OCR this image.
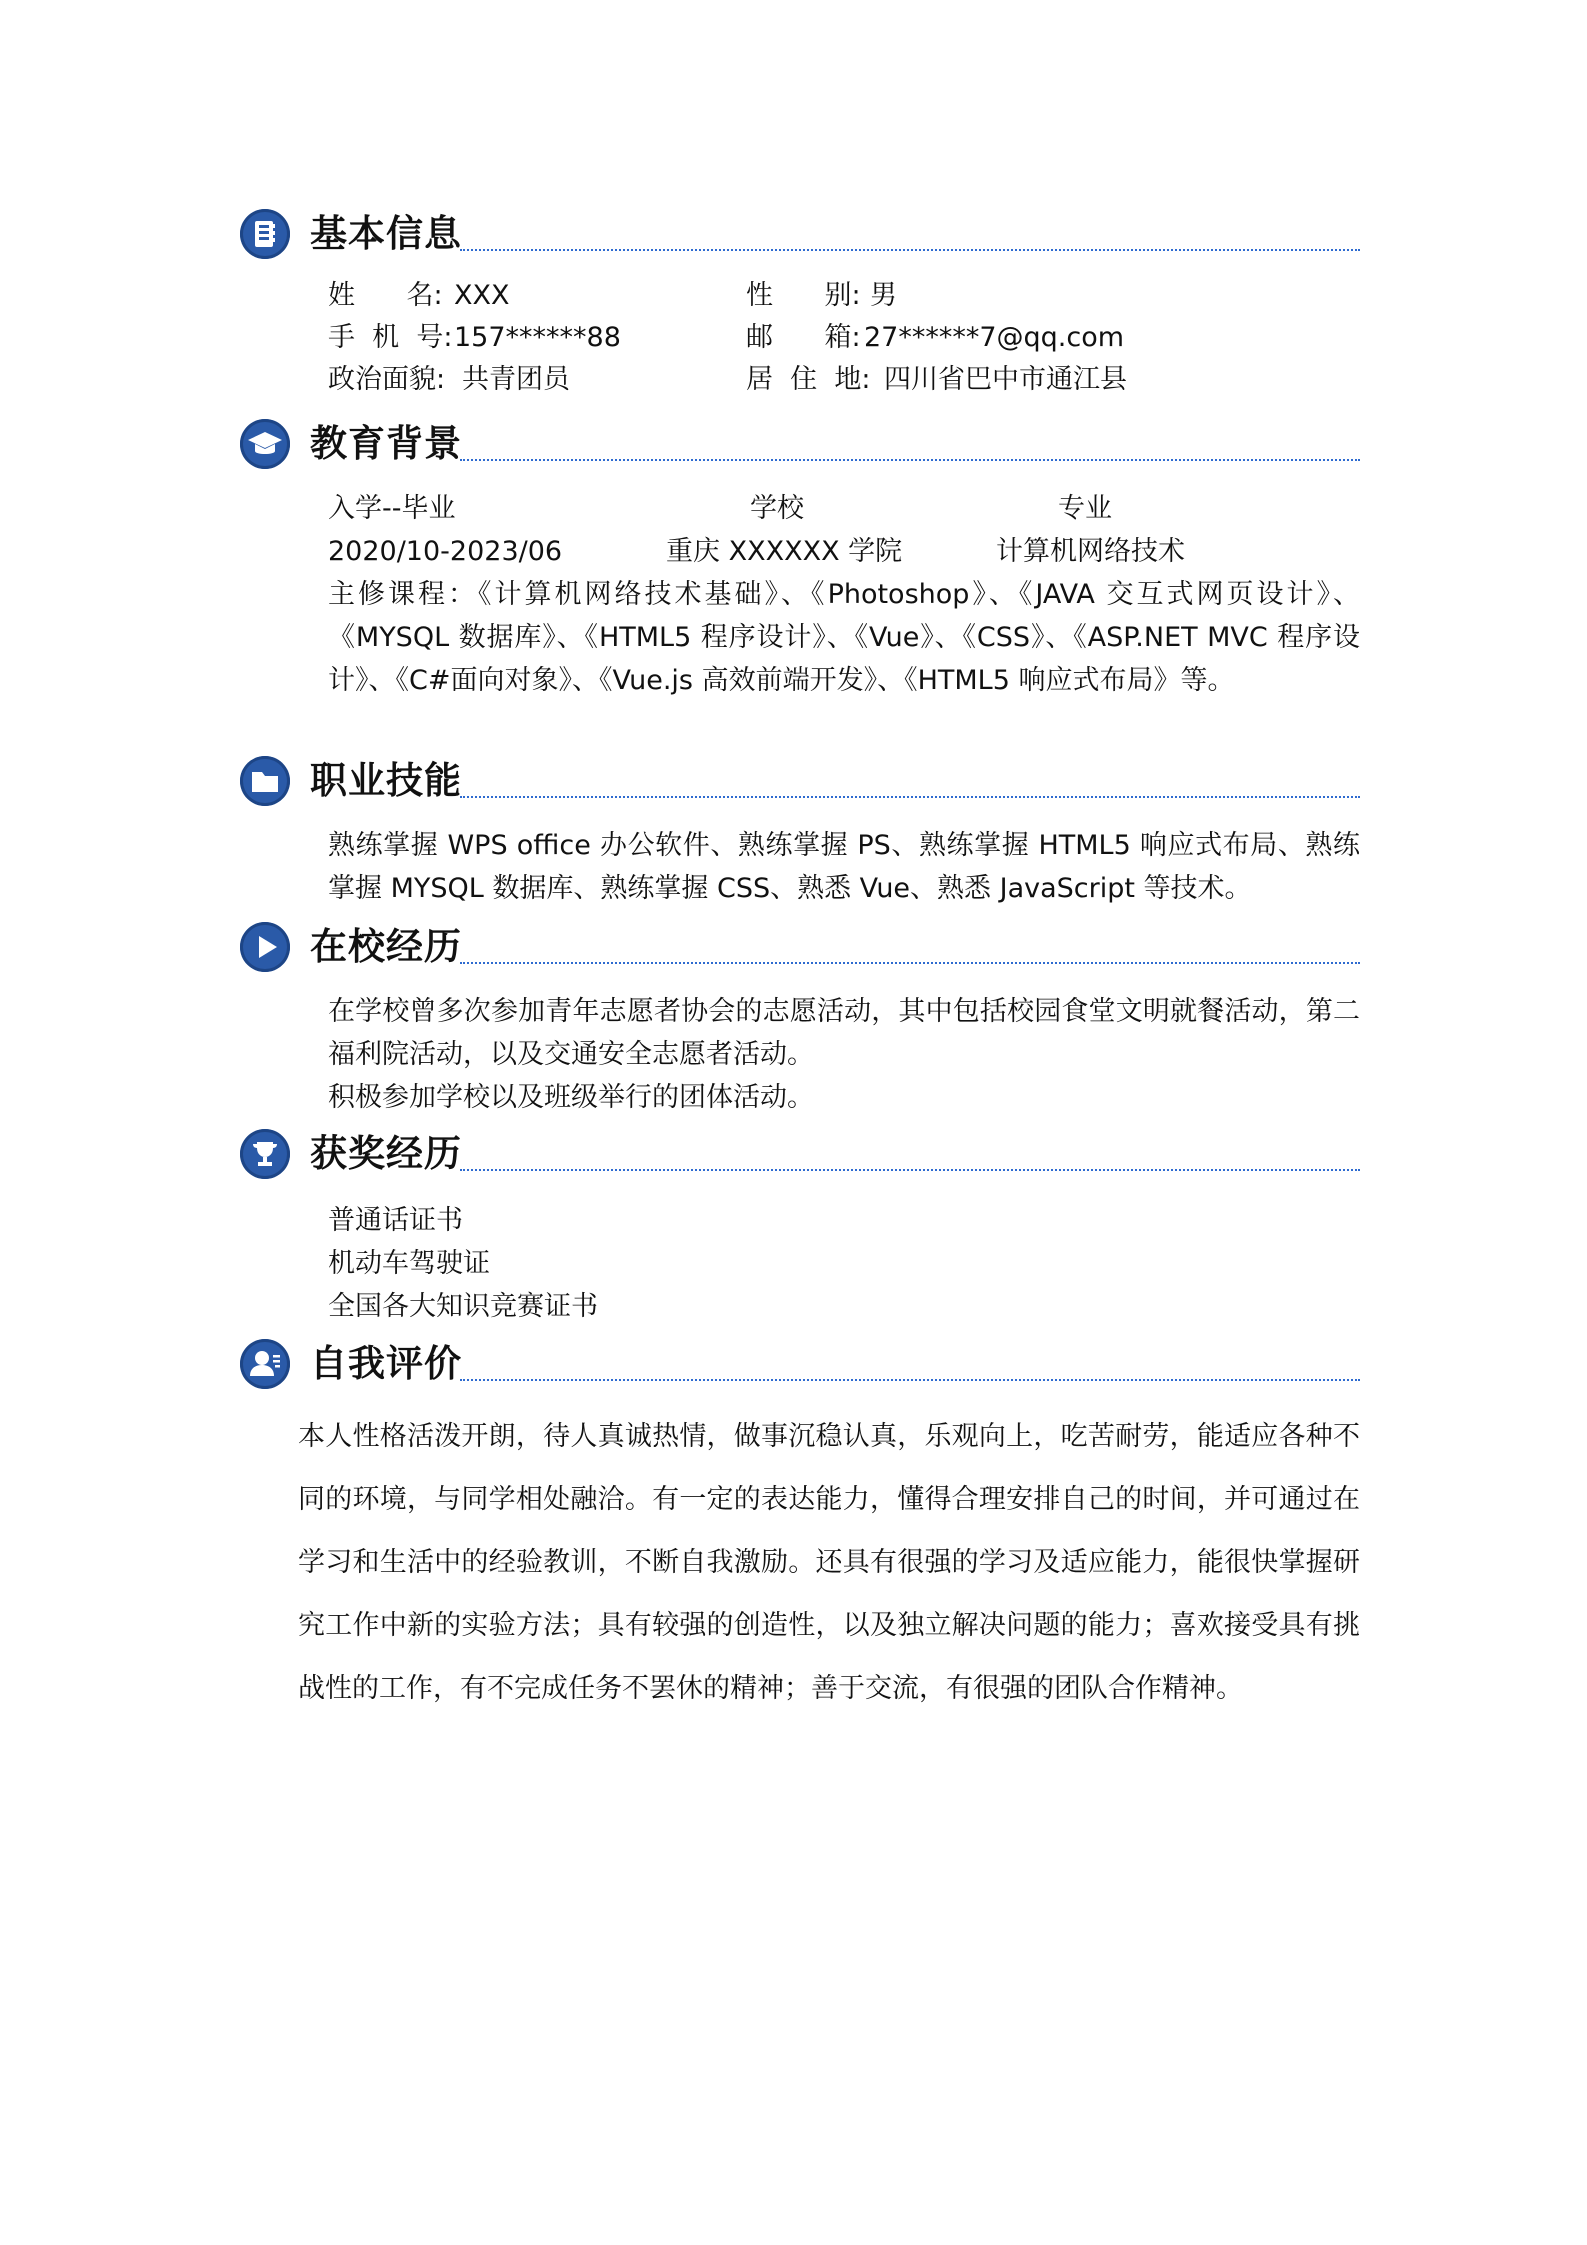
基本信息
姓      名: XXX	性      别: 男
手  机  号: 157******88	邮      箱: 27******7@qq.com
政治面貌: 共青团员	居  住  地: 四川省巴中市通江县
教育背景
入学--毕业	学校	专业
2020/10-2023/06	重庆 XXXXXX 学院	计算机网络技术
主修课程：《计算机网络技术基础》、《Photoshop》、《JAVA 交互式网页设计》、《MYSQL 数据库》、《HTML5 程序设计》、《Vue》、《CSS》、《ASP.NET MVC 程序设计》、《C#面向对象》、《Vue.js 高效前端开发》、《HTML5 响应式布局》等。
职业技能
熟练掌握 WPS office 办公软件、熟练掌握 PS、熟练掌握 HTML5 响应式布局、熟练掌握 MYSQL 数据库、熟练掌握 CSS、熟悉 Vue、熟悉 JavaScript 等技术。
在校经历
在学校曾多次参加青年志愿者协会的志愿活动，其中包括校园食堂文明就餐活动，第二福利院活动，以及交通安全志愿者活动。
积极参加学校以及班级举行的团体活动。
获奖经历
普通话证书
机动车驾驶证
全国各大知识竞赛证书
自我评价
本人性格活泼开朗，待人真诚热情，做事沉稳认真，乐观向上，吃苦耐劳，能适应各种不同的环境，与同学相处融洽。有一定的表达能力，懂得合理安排自己的时间，并可通过在学习和生活中的经验教训，不断自我激励。还具有很强的学习及适应能力，能很快掌握研究工作中新的实验方法；具有较强的创造性，以及独立解决问题的能力；喜欢接受具有挑战性的工作，有不完成任务不罢休的精神；善于交流，有很强的团队合作精神。
